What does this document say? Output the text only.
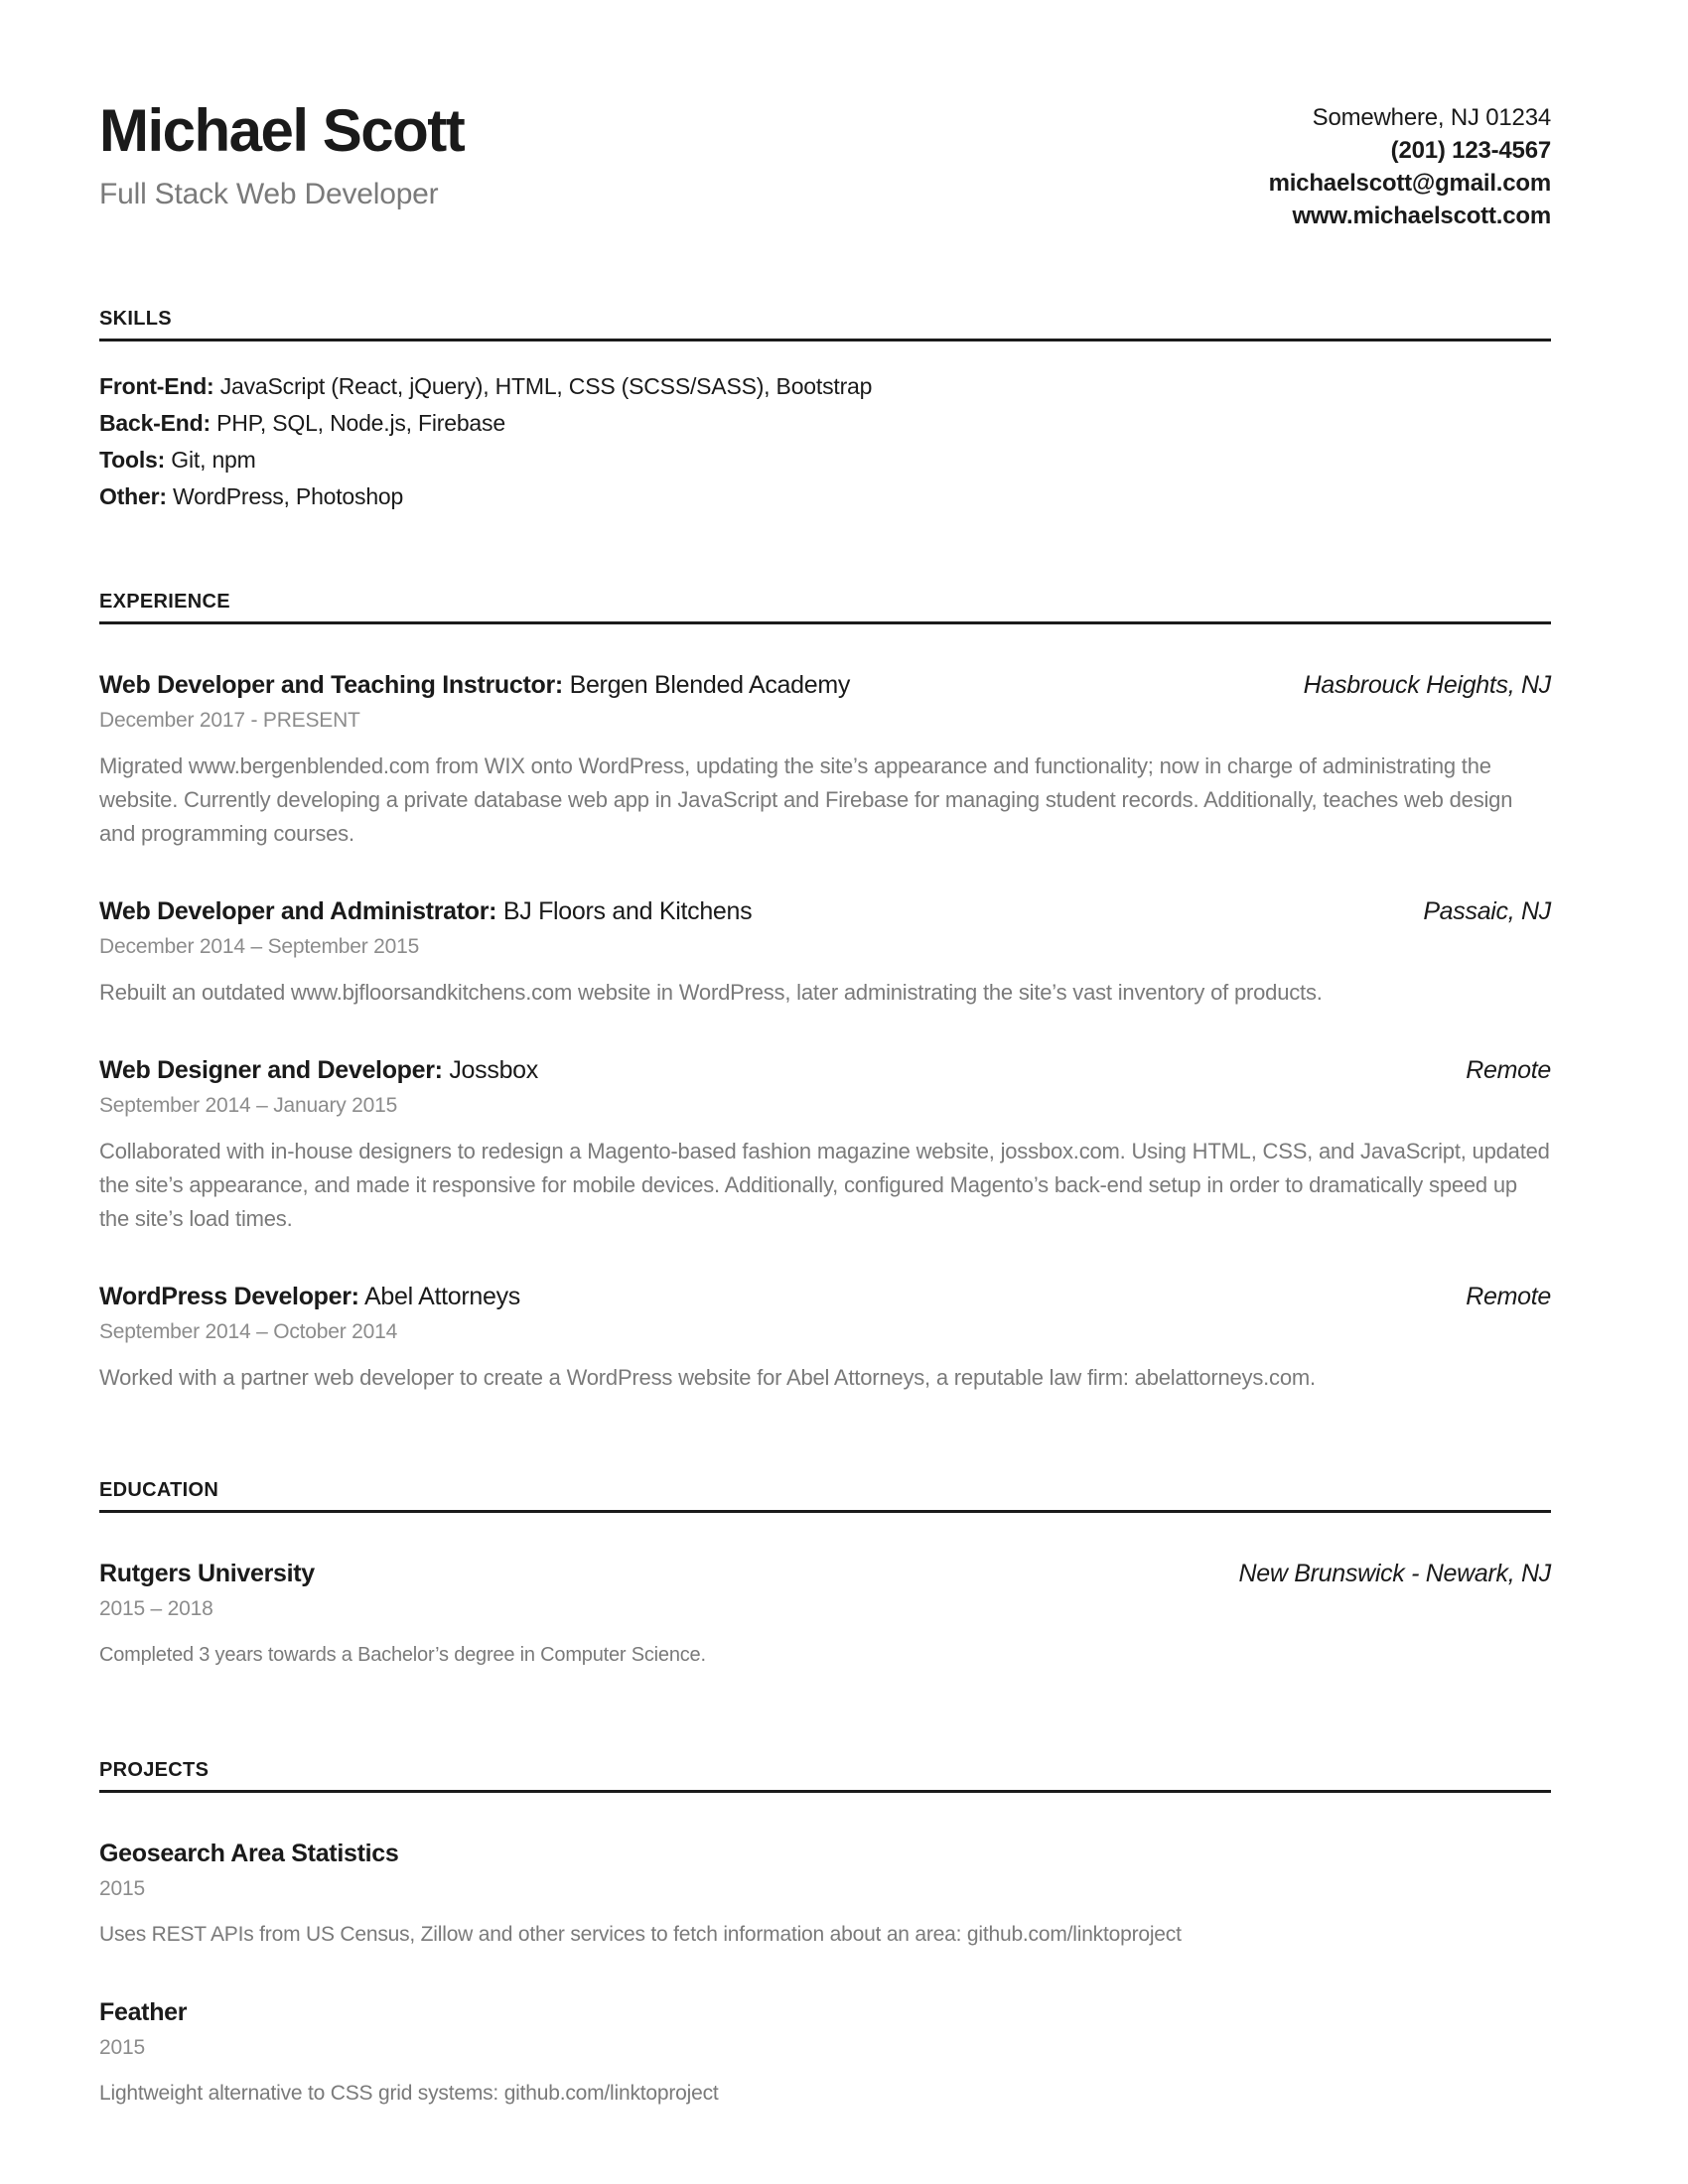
Michael Scott
Full Stack Web Developer
Somewhere, NJ 01234
(201) 123-4567
michaelscott@gmail.com
www.michaelscott.com
SKILLS
Front-End: JavaScript (React, jQuery), HTML, CSS (SCSS/SASS), Bootstrap
Back-End: PHP, SQL, Node.js, Firebase
Tools: Git, npm
Other: WordPress, Photoshop
EXPERIENCE
Web Developer and Teaching Instructor: Bergen Blended Academy	Hasbrouck Heights, NJ
December 2017 - PRESENT
Migrated www.bergenblended.com from WIX onto WordPress, updating the site’s appearance and functionality; now in charge of administrating the website. Currently developing a private database web app in JavaScript and Firebase for managing student records. Additionally, teaches web design and programming courses.
Web Developer and Administrator: BJ Floors and Kitchens	Passaic, NJ
December 2014 – September 2015
Rebuilt an outdated www.bjfloorsandkitchens.com website in WordPress, later administrating the site’s vast inventory of products.
Web Designer and Developer: Jossbox	Remote
September 2014 – January 2015
Collaborated with in-house designers to redesign a Magento-based fashion magazine website, jossbox.com. Using HTML, CSS, and JavaScript, updated the site’s appearance, and made it responsive for mobile devices. Additionally, configured Magento’s back-end setup in order to dramatically speed up the site’s load times.
WordPress Developer: Abel Attorneys	Remote
September 2014 – October 2014
Worked with a partner web developer to create a WordPress website for Abel Attorneys, a reputable law firm: abelattorneys.com.
EDUCATION
Rutgers University	New Brunswick - Newark, NJ
2015 – 2018
Completed 3 years towards a Bachelor’s degree in Computer Science.
PROJECTS
Geosearch Area Statistics
2015
Uses REST APIs from US Census, Zillow and other services to fetch information about an area: github.com/linktoproject
Feather
2015
Lightweight alternative to CSS grid systems: github.com/linktoproject
